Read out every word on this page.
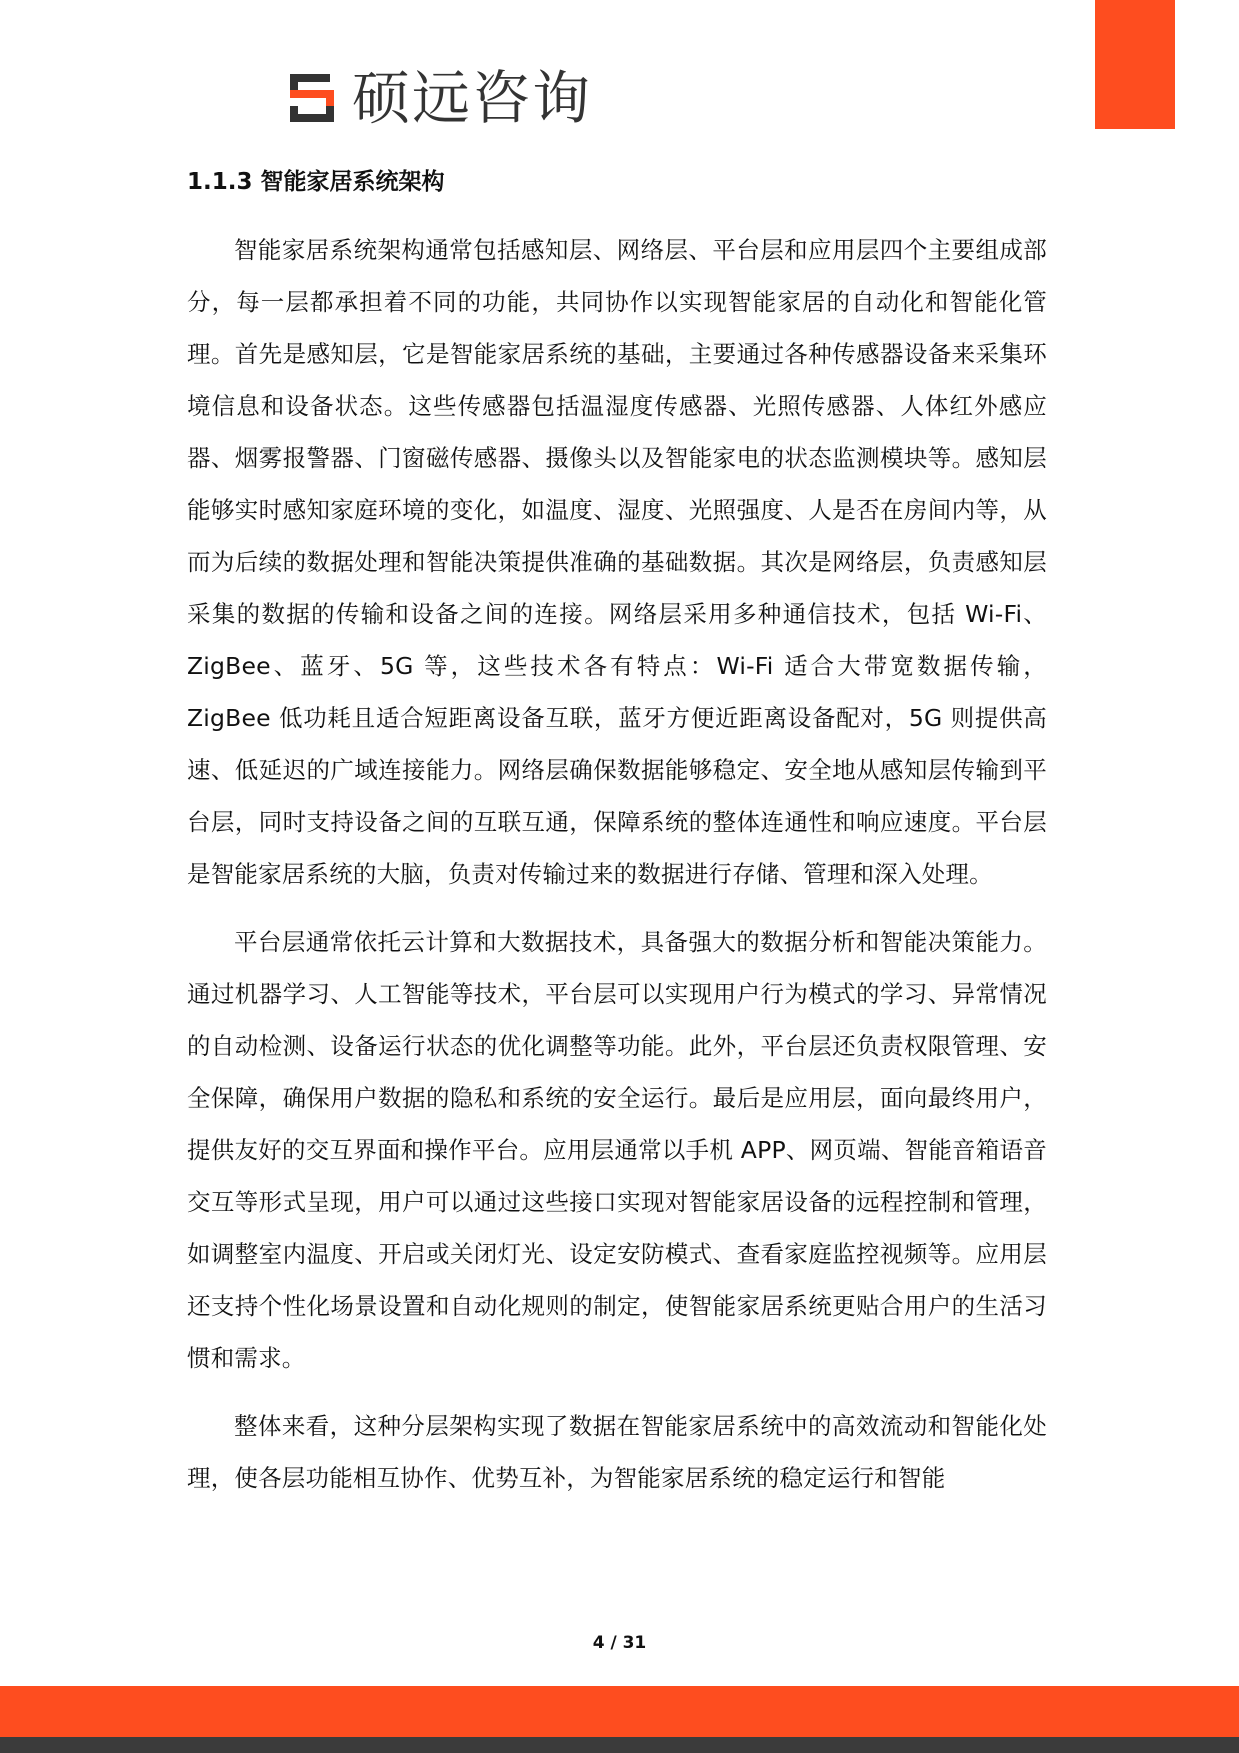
硕远咨询
1.1.3 智能家居系统架构

智能家居系统架构通常包括感知层、网络层、平台层和应用层四个主要组成部分，每一层都承担着不同的功能，共同协作以实现智能家居的自动化和智能化管理。首先是感知层，它是智能家居系统的基础，主要通过各种传感器设备来采集环境信息和设备状态。这些传感器包括温湿度传感器、光照传感器、人体红外感应器、烟雾报警器、门窗磁传感器、摄像头以及智能家电的状态监测模块等。感知层能够实时感知家庭环境的变化，如温度、湿度、光照强度、人是否在房间内等，从而为后续的数据处理和智能决策提供准确的基础数据。其次是网络层，负责感知层采集的数据的传输和设备之间的连接。网络层采用多种通信技术，包括 Wi-Fi、ZigBee、蓝牙、5G 等，这些技术各有特点：Wi-Fi 适合大带宽数据传输，ZigBee 低功耗且适合短距离设备互联，蓝牙方便近距离设备配对，5G 则提供高速、低延迟的广域连接能力。网络层确保数据能够稳定、安全地从感知层传输到平台层，同时支持设备之间的互联互通，保障系统的整体连通性和响应速度。平台层是智能家居系统的大脑，负责对传输过来的数据进行存储、管理和深入处理。

平台层通常依托云计算和大数据技术，具备强大的数据分析和智能决策能力。通过机器学习、人工智能等技术，平台层可以实现用户行为模式的学习、异常情况的自动检测、设备运行状态的优化调整等功能。此外，平台层还负责权限管理、安全保障，确保用户数据的隐私和系统的安全运行。最后是应用层，面向最终用户，提供友好的交互界面和操作平台。应用层通常以手机 APP、网页端、智能音箱语音交互等形式呈现，用户可以通过这些接口实现对智能家居设备的远程控制和管理，如调整室内温度、开启或关闭灯光、设定安防模式、查看家庭监控视频等。应用层还支持个性化场景设置和自动化规则的制定，使智能家居系统更贴合用户的生活习惯和需求。

整体来看，这种分层架构实现了数据在智能家居系统中的高效流动和智能化处理，使各层功能相互协作、优势互补，为智能家居系统的稳定运行和智能

4 / 31
